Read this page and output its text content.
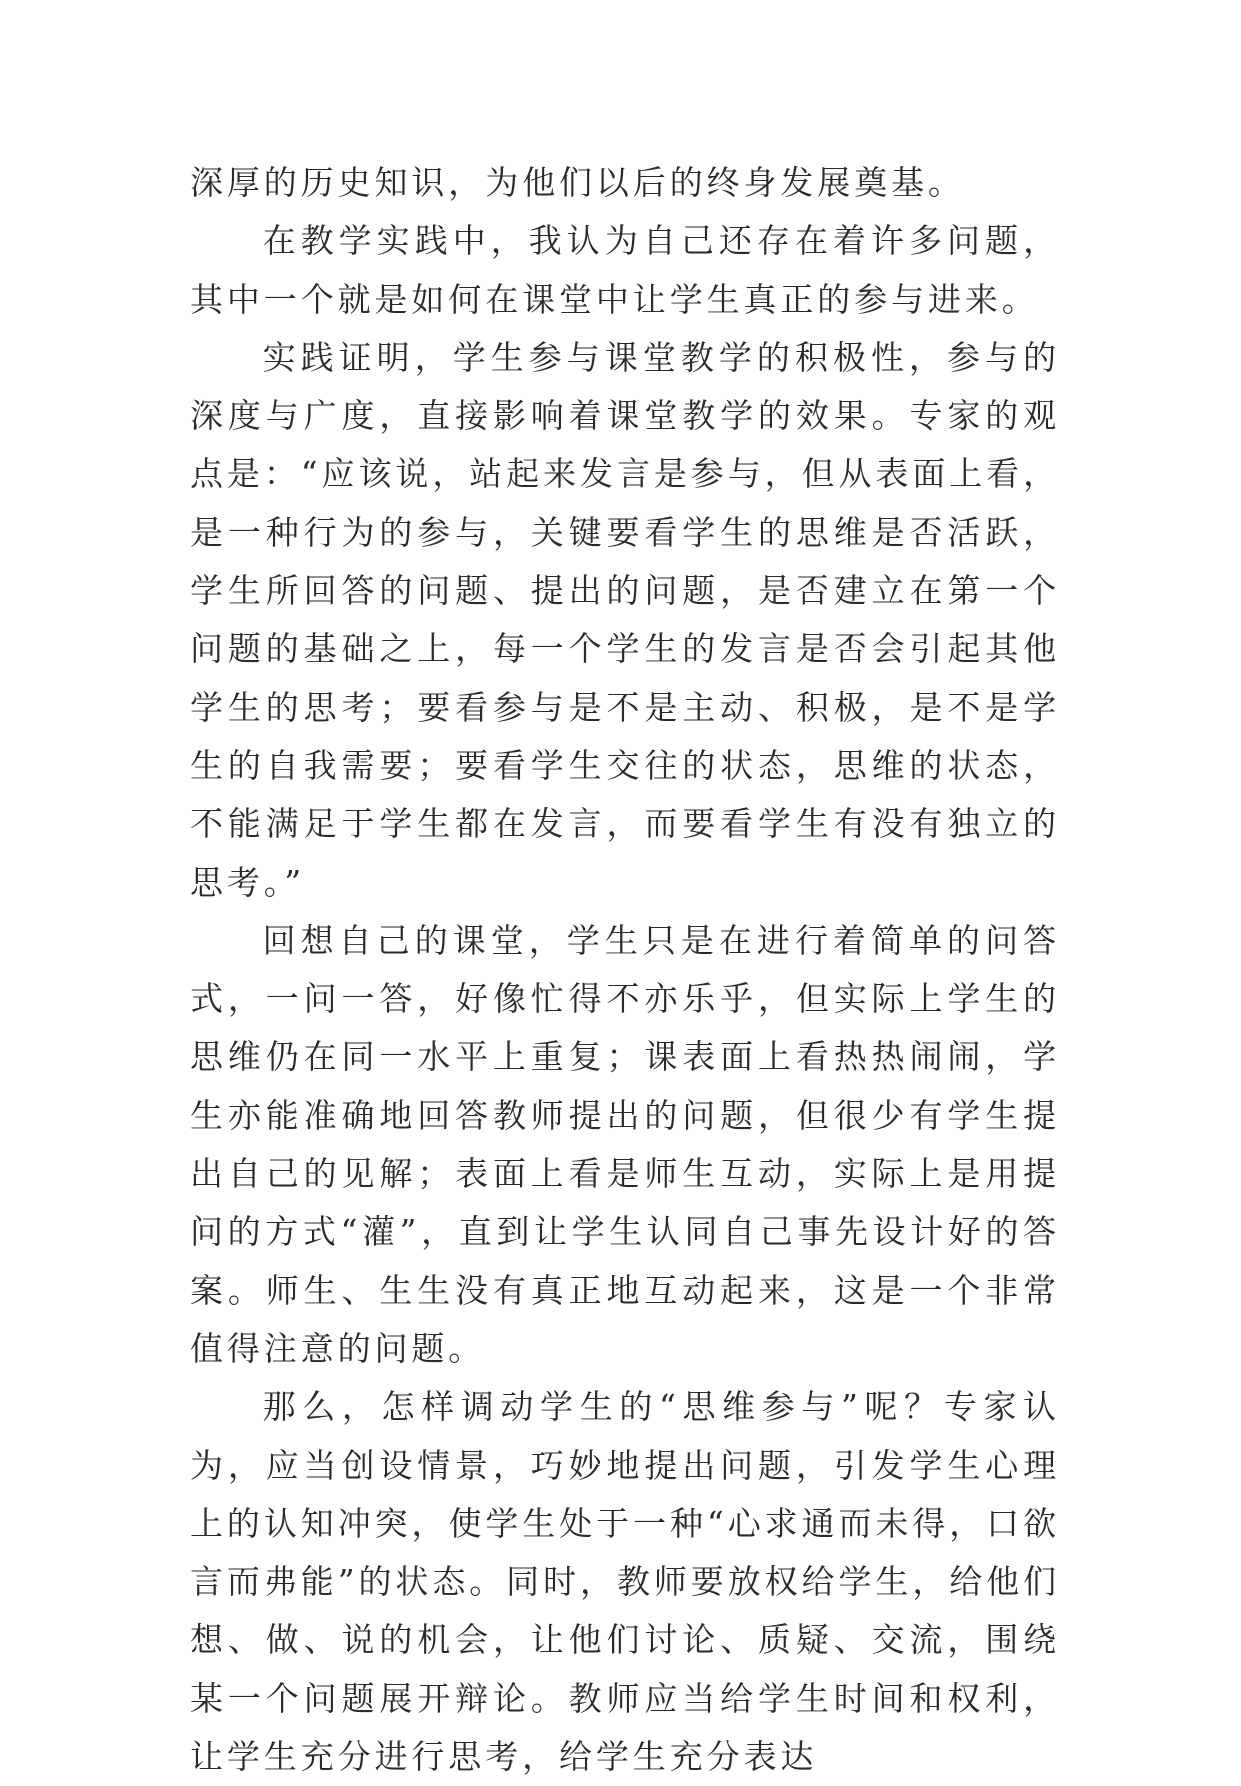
深厚的历史知识，为他们以后的终身发展奠基。

在教学实践中，我认为自己还存在着许多问题，其中一个就是如何在课堂中让学生真正的参与进来。

实践证明，学生参与课堂教学的积极性，参与的深度与广度，直接影响着课堂教学的效果。专家的观点是：“应该说，站起来发言是参与，但从表面上看，是一种行为的参与，关键要看学生的思维是否活跃，学生所回答的问题、提出的问题，是否建立在第一个问题的基础之上，每一个学生的发言是否会引起其他学生的思考；要看参与是不是主动、积极，是不是学生的自我需要；要看学生交往的状态，思维的状态，不能满足于学生都在发言，而要看学生有没有独立的思考。”

回想自己的课堂，学生只是在进行着简单的问答式，一问一答，好像忙得不亦乐乎，但实际上学生的思维仍在同一水平上重复；课表面上看热热闹闹，学生亦能准确地回答教师提出的问题，但很少有学生提出自己的见解；表面上看是师生互动，实际上是用提问的方式“灌”，直到让学生认同自己事先设计好的答案。师生、生生没有真正地互动起来，这是一个非常值得注意的问题。

那么，怎样调动学生的“思维参与”呢？专家认为，应当创设情景，巧妙地提出问题，引发学生心理上的认知冲突，使学生处于一种“心求通而未得，口欲言而弗能”的状态。同时，教师要放权给学生，给他们想、做、说的机会，让他们讨论、质疑、交流，围绕某一个问题展开辩论。教师应当给学生时间和权利，让学生充分进行思考，给学生充分表达
